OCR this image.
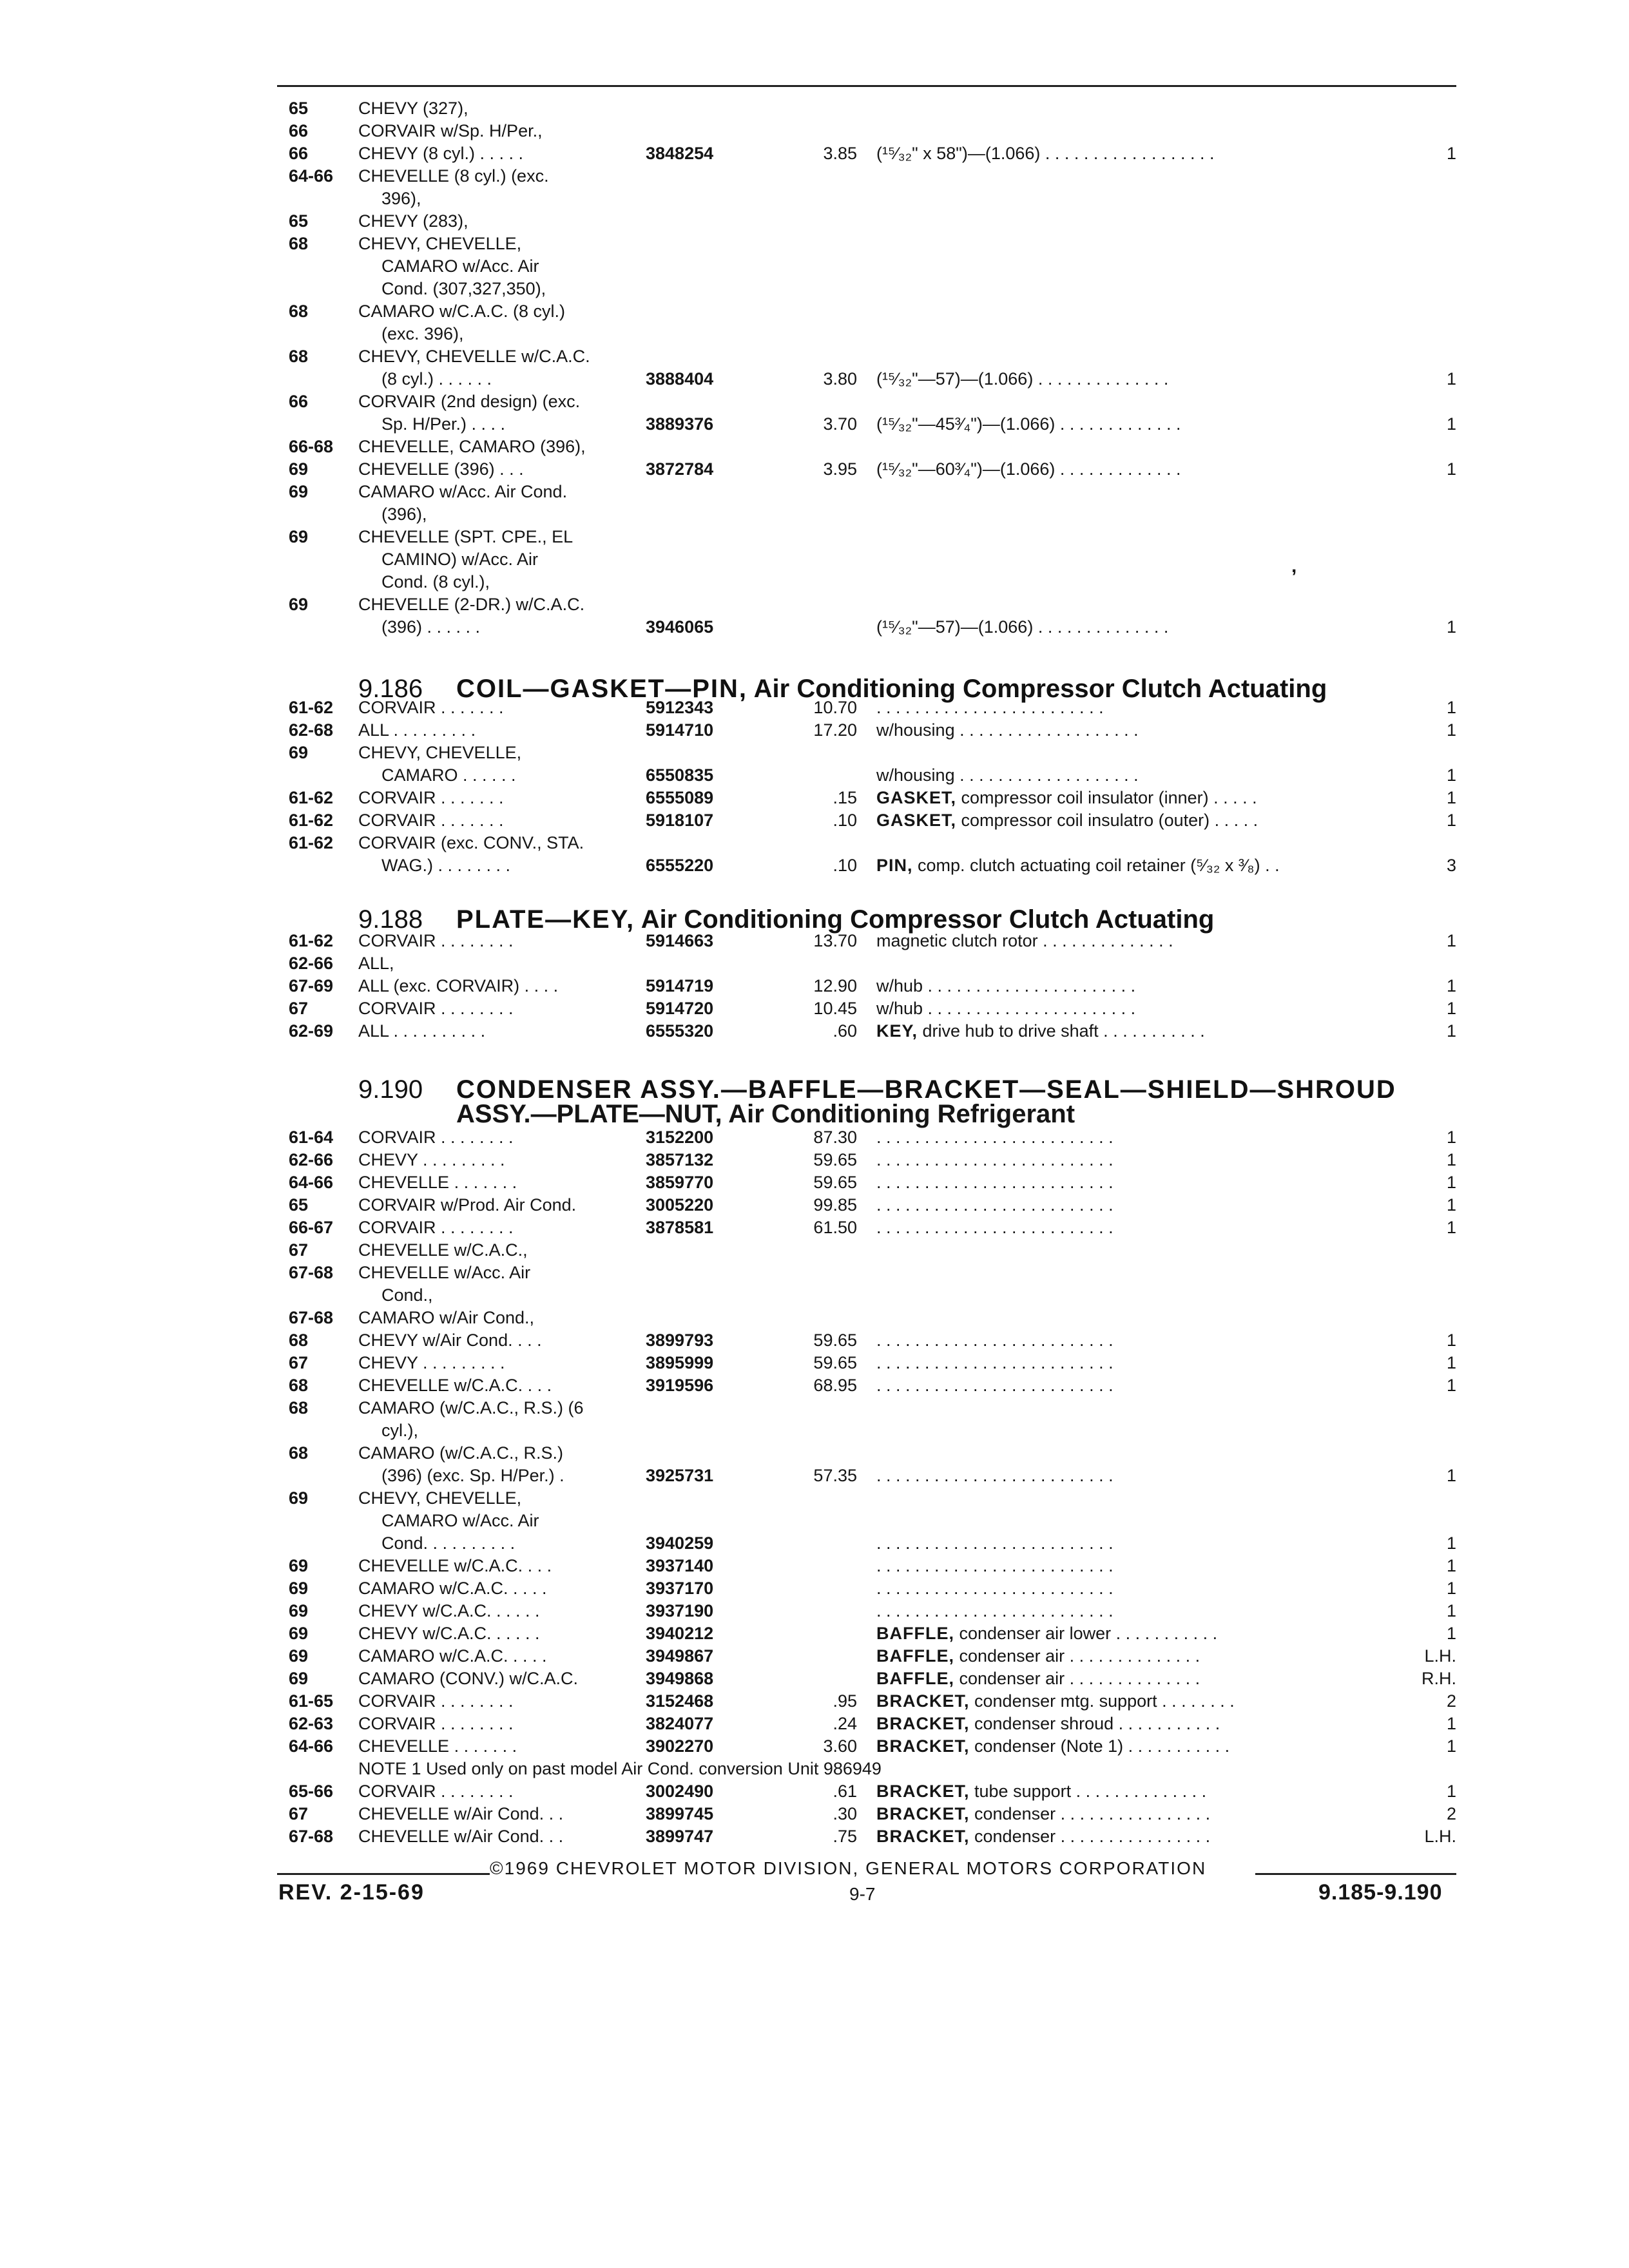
9.186 COIL—GASKET—PIN, Air Conditioning Compressor Clutch Actuating
9.188 PLATE—KEY, Air Conditioning Compressor Clutch Actuating
9.190 CONDENSER ASSY.—BAFFLE—BRACKET—SEAL—SHIELD—SHROUD
ASSY.—PLATE—NUT, Air Conditioning Refrigerant
,
65	CHEVY (327),
66	CORVAIR w/Sp. H/Per.,
66	CHEVY (8 cyl.) . . . . .	3848254	3.85 (¹⁵⁄₃₂" x 58")—(1.066) . . . . . . . . . . . . . . . . . .	1
64-66 CHEVELLE (8 cyl.) (exc.
396),
65	CHEVY (283),
68	CHEVY, CHEVELLE,
CAMARO w/Acc. Air
Cond. (307,327,350),
68	CAMARO w/C.A.C. (8 cyl.)
(exc. 396),
68	CHEVY, CHEVELLE w/C.A.C.
(8 cyl.) . . . . . .	3888404	3.80 (¹⁵⁄₃₂"—57)—(1.066) . . . . . . . . . . . . . .	1
66	CORVAIR (2nd design) (exc.
Sp. H/Per.) . . . .	3889376	3.70 (¹⁵⁄₃₂"—45³⁄₄")—(1.066) . . . . . . . . . . . . .	1
66-68 CHEVELLE, CAMARO (396),
69	CHEVELLE (396) . . .	3872784	3.95 (¹⁵⁄₃₂"—60³⁄₄")—(1.066) . . . . . . . . . . . . .	1
69	CAMARO w/Acc. Air Cond.
(396),
69	CHEVELLE (SPT. CPE., EL
CAMINO) w/Acc. Air
Cond. (8 cyl.),
69	CHEVELLE (2-DR.) w/C.A.C.
(396) . . . . . .	3946065	(¹⁵⁄₃₂"—57)—(1.066) . . . . . . . . . . . . . .	1
61-62 CORVAIR . . . . . . .	5912343	10.70 . . . . . . . . . . . . . . . . . . . . . . . .	1
62-68 ALL . . . . . . . . .	5914710	17.20 w/housing . . . . . . . . . . . . . . . . . . .	1
69	CHEVY, CHEVELLE,
CAMARO . . . . . .	6550835	w/housing . . . . . . . . . . . . . . . . . . .	1
61-62 CORVAIR . . . . . . .	6555089	.15 GASKET, compressor coil insulator (inner) . . . . .	1
61-62 CORVAIR . . . . . . .	5918107	.10 GASKET, compressor coil insulatro (outer) . . . . .	1
61-62 CORVAIR (exc. CONV., STA.
WAG.) . . . . . . . .	6555220	.10 PIN, comp. clutch actuating coil retainer (⁵⁄₃₂ x ³⁄₈) . .	3
61-62 CORVAIR . . . . . . . .	5914663	13.70 magnetic clutch rotor . . . . . . . . . . . . . .	1
62-66 ALL,
67-69 ALL (exc. CORVAIR) . . . .	5914719	12.90 w/hub . . . . . . . . . . . . . . . . . . . . . .	1
67	CORVAIR . . . . . . . .	5914720	10.45 w/hub . . . . . . . . . . . . . . . . . . . . . .	1
62-69 ALL . . . . . . . . . .	6555320	.60 KEY, drive hub to drive shaft . . . . . . . . . . .	1
61-64 CORVAIR . . . . . . . .	3152200	87.30 . . . . . . . . . . . . . . . . . . . . . . . . .	1
62-66 CHEVY . . . . . . . . .	3857132	59.65 . . . . . . . . . . . . . . . . . . . . . . . . .	1
64-66 CHEVELLE . . . . . . .	3859770	59.65 . . . . . . . . . . . . . . . . . . . . . . . . .	1
65	CORVAIR w/Prod. Air Cond.	3005220	99.85 . . . . . . . . . . . . . . . . . . . . . . . . .	1
66-67 CORVAIR . . . . . . . .	3878581	61.50 . . . . . . . . . . . . . . . . . . . . . . . . .	1
67	CHEVELLE w/C.A.C.,
67-68 CHEVELLE w/Acc. Air
Cond.,
67-68 CAMARO w/Air Cond.,
68	CHEVY w/Air Cond. . . .	3899793	59.65 . . . . . . . . . . . . . . . . . . . . . . . . .	1
67	CHEVY . . . . . . . . .	3895999	59.65 . . . . . . . . . . . . . . . . . . . . . . . . .	1
68	CHEVELLE w/C.A.C. . . .	3919596	68.95 . . . . . . . . . . . . . . . . . . . . . . . . .	1
68	CAMARO (w/C.A.C., R.S.) (6
cyl.),
68	CAMARO (w/C.A.C., R.S.)
(396) (exc. Sp. H/Per.) .	3925731	57.35 . . . . . . . . . . . . . . . . . . . . . . . . .	1
69	CHEVY, CHEVELLE,
CAMARO w/Acc. Air
Cond. . . . . . . . . .	3940259	. . . . . . . . . . . . . . . . . . . . . . . . .	1
69	CHEVELLE w/C.A.C. . . .	3937140	. . . . . . . . . . . . . . . . . . . . . . . . .	1
69	CAMARO w/C.A.C. . . . .	3937170	. . . . . . . . . . . . . . . . . . . . . . . . .	1
69	CHEVY w/C.A.C. . . . . .	3937190	. . . . . . . . . . . . . . . . . . . . . . . . .	1
69	CHEVY w/C.A.C. . . . . .	3940212	BAFFLE, condenser air lower . . . . . . . . . . .	1
69	CAMARO w/C.A.C. . . . .	3949867	BAFFLE, condenser air . . . . . . . . . . . . . .	L.H.
69	CAMARO (CONV.) w/C.A.C.	3949868	BAFFLE, condenser air . . . . . . . . . . . . . .	R.H.
61-65 CORVAIR . . . . . . . .	3152468	.95 BRACKET, condenser mtg. support . . . . . . . .	2
62-63 CORVAIR . . . . . . . .	3824077	.24 BRACKET, condenser shroud . . . . . . . . . . .	1
64-66 CHEVELLE . . . . . . .	3902270	3.60 BRACKET, condenser (Note 1) . . . . . . . . . . .	1
NOTE 1 Used only on past model Air Cond. conversion Unit 986949
65-66 CORVAIR . . . . . . . .	3002490	.61 BRACKET, tube support . . . . . . . . . . . . . .	1
67	CHEVELLE w/Air Cond. . .	3899745	.30 BRACKET, condenser . . . . . . . . . . . . . . . .	2
67-68 CHEVELLE w/Air Cond. . .	3899747	.75 BRACKET, condenser . . . . . . . . . . . . . . . .	L.H.
©1969 CHEVROLET MOTOR DIVISION, GENERAL MOTORS CORPORATION
REV. 2-15-69	9-7	9.185-9.190
